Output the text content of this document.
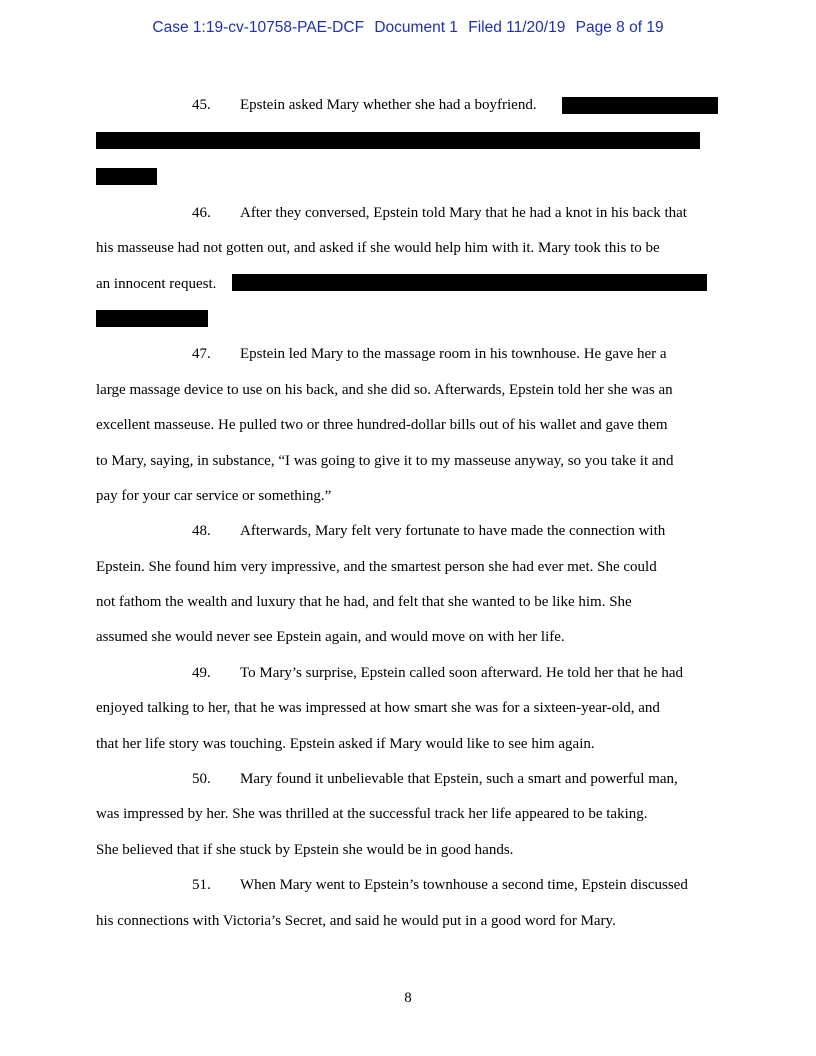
Case 1:19-cv-10758-PAE-DCF Document 1 Filed 11/20/19 Page 8 of 19
45. Epstein asked Mary whether she had a boyfriend.
46. After they conversed, Epstein told Mary that he had a knot in his back that
his masseuse had not gotten out, and asked if she would help him with it. Mary took this to be
an innocent request.
47. Epstein led Mary to the massage room in his townhouse. He gave her a
large massage device to use on his back, and she did so. Afterwards, Epstein told her she was an
excellent masseuse. He pulled two or three hundred-dollar bills out of his wallet and gave them
to Mary, saying, in substance, “I was going to give it to my masseuse anyway, so you take it and
pay for your car service or something.”
48. Afterwards, Mary felt very fortunate to have made the connection with
Epstein. She found him very impressive, and the smartest person she had ever met. She could
not fathom the wealth and luxury that he had, and felt that she wanted to be like him. She
assumed she would never see Epstein again, and would move on with her life.
49. To Mary’s surprise, Epstein called soon afterward. He told her that he had
enjoyed talking to her, that he was impressed at how smart she was for a sixteen-year-old, and
that her life story was touching. Epstein asked if Mary would like to see him again.
50. Mary found it unbelievable that Epstein, such a smart and powerful man,
was impressed by her. She was thrilled at the successful track her life appeared to be taking.
She believed that if she stuck by Epstein she would be in good hands.
51. When Mary went to Epstein’s townhouse a second time, Epstein discussed
his connections with Victoria’s Secret, and said he would put in a good word for Mary.
8
